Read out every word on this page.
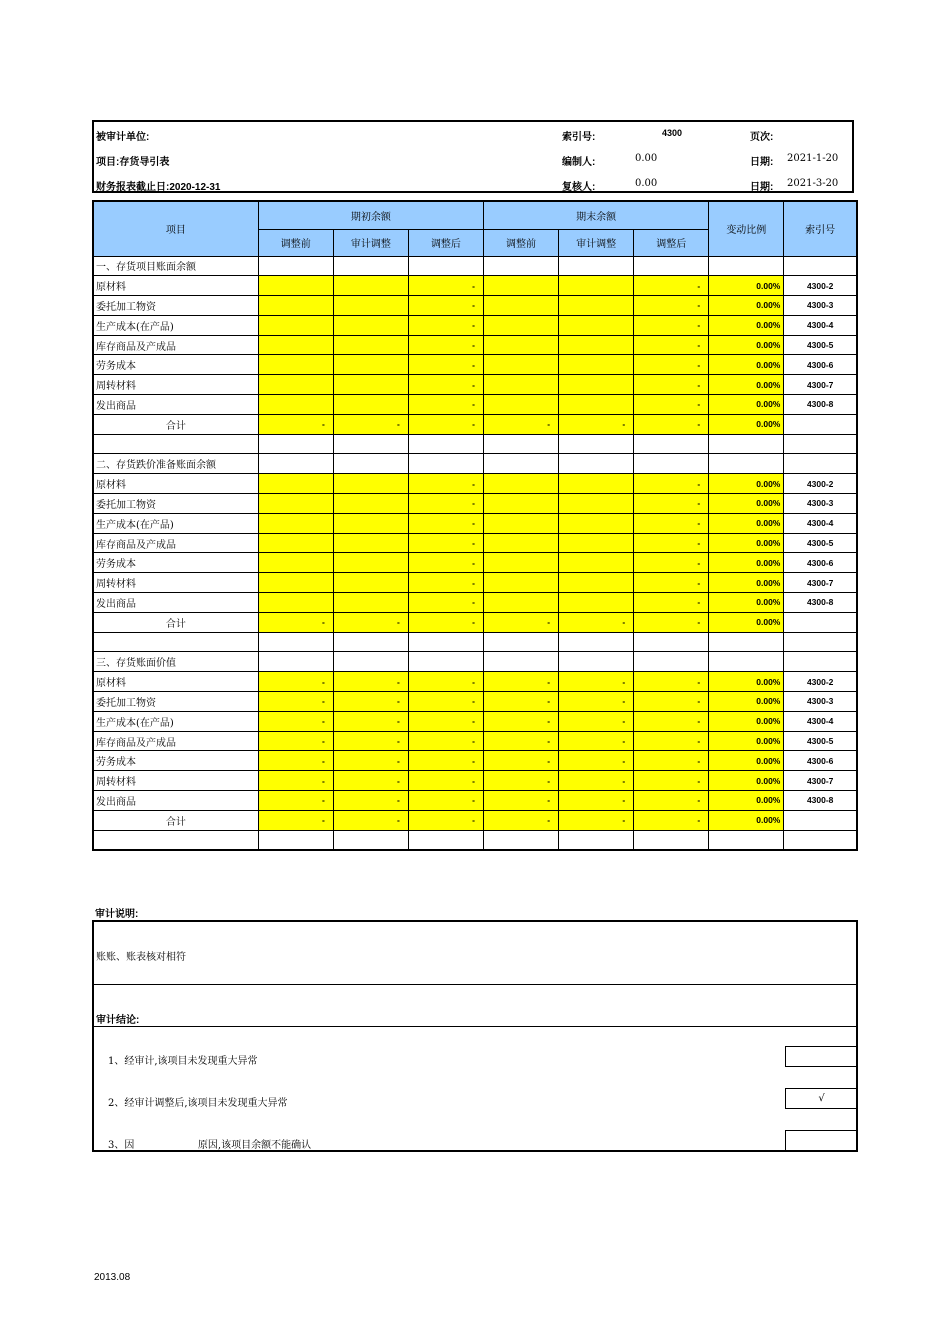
被审计单位:
项目:存货导引表
财务报表截止日:2020-12-31
索引号:	4300	页次:
编制人:	0.00	日期: 2021-1-20
复核人:	0.00	日期: 2021-3-20
项目	期初余额			期末余额			变动比例	索引号
	调整前	审计调整	调整后	调整前	审计调整	调整后		
一、存货项目账面余额								
原材料			-			-	0.00%	4300-2
委托加工物资			-			-	0.00%	4300-3
生产成本(在产品)			-			-	0.00%	4300-4
库存商品及产成品			-			-	0.00%	4300-5
劳务成本			-			-	0.00%	4300-6
周转材料			-			-	0.00%	4300-7
发出商品			-			-	0.00%	4300-8
合计	-	-	-	-	-	-	0.00%	

二、存货跌价准备账面余额								
原材料			-			-	0.00%	4300-2
委托加工物资			-			-	0.00%	4300-3
生产成本(在产品)			-			-	0.00%	4300-4
库存商品及产成品			-			-	0.00%	4300-5
劳务成本			-			-	0.00%	4300-6
周转材料			-			-	0.00%	4300-7
发出商品			-			-	0.00%	4300-8
合计	-	-	-	-	-	-	0.00%	

三、存货账面价值								
原材料	-	-	-	-	-	-	0.00%	4300-2
委托加工物资	-	-	-	-	-	-	0.00%	4300-3
生产成本(在产品)	-	-	-	-	-	-	0.00%	4300-4
库存商品及产成品	-	-	-	-	-	-	0.00%	4300-5
劳务成本	-	-	-	-	-	-	0.00%	4300-6
周转材料	-	-	-	-	-	-	0.00%	4300-7
发出商品	-	-	-	-	-	-	0.00%	4300-8
合计	-	-	-	-	-	-	0.00%	

审计说明:
账账、账表核对相符
审计结论:
1、经审计,该项目未发现重大异常
2、经审计调整后,该项目未发现重大异常	√
3、因                    原因,该项目余额不能确认
2013.08
